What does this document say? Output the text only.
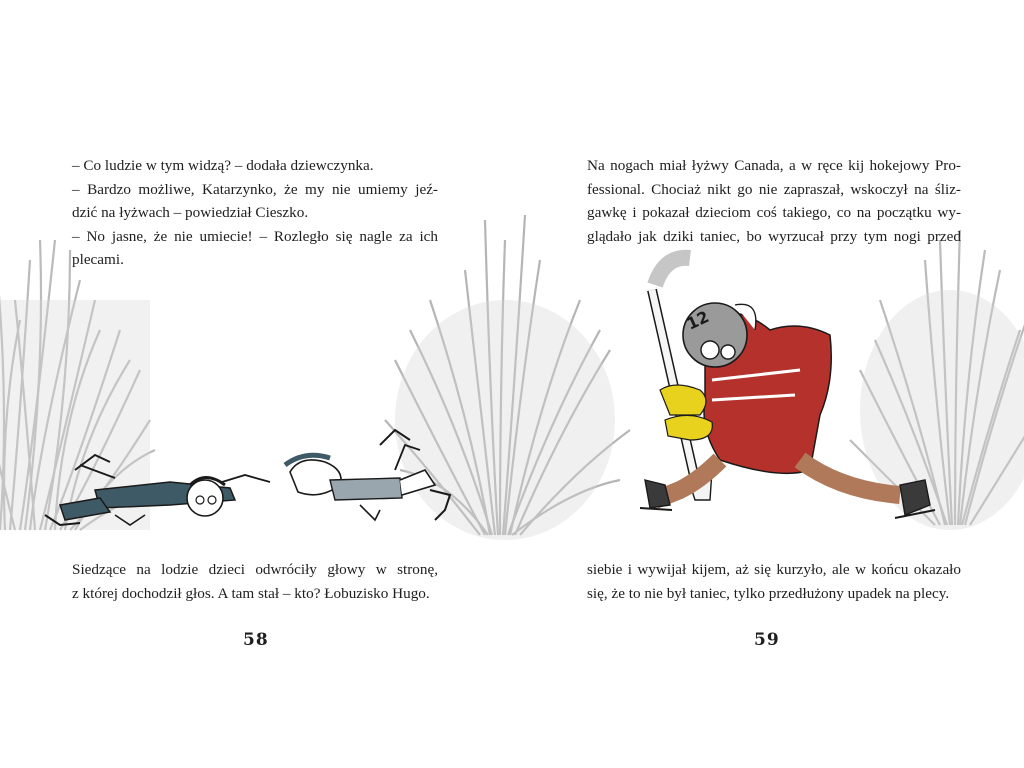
12

– Co ludzie w tym widzą? – dodała dziewczynka.

– Bardzo możliwe, Katarzynko, że my nie umiemy jeź-

dzić na łyżwach – powiedział Cieszko.

– No jasne, że nie umiecie! – Rozległo się nagle za ich

plecami.

Siedzące na lodzie dzieci odwróciły głowy w stronę,

z której dochodził głos. A tam stał – kto? Łobuzisko Hugo.

58

Na nogach miał łyżwy Canada, a w ręce kij hokejowy Pro-

fessional. Chociaż nikt go nie zapraszał, wskoczył na śliz-

gawkę i pokazał dzieciom coś takiego, co na początku wy-

glądało jak dziki taniec, bo wyrzucał przy tym nogi przed

siebie i wywijał kijem, aż się kurzyło, ale w końcu okazało

się, że to nie był taniec, tylko przedłużony upadek na plecy.

59
